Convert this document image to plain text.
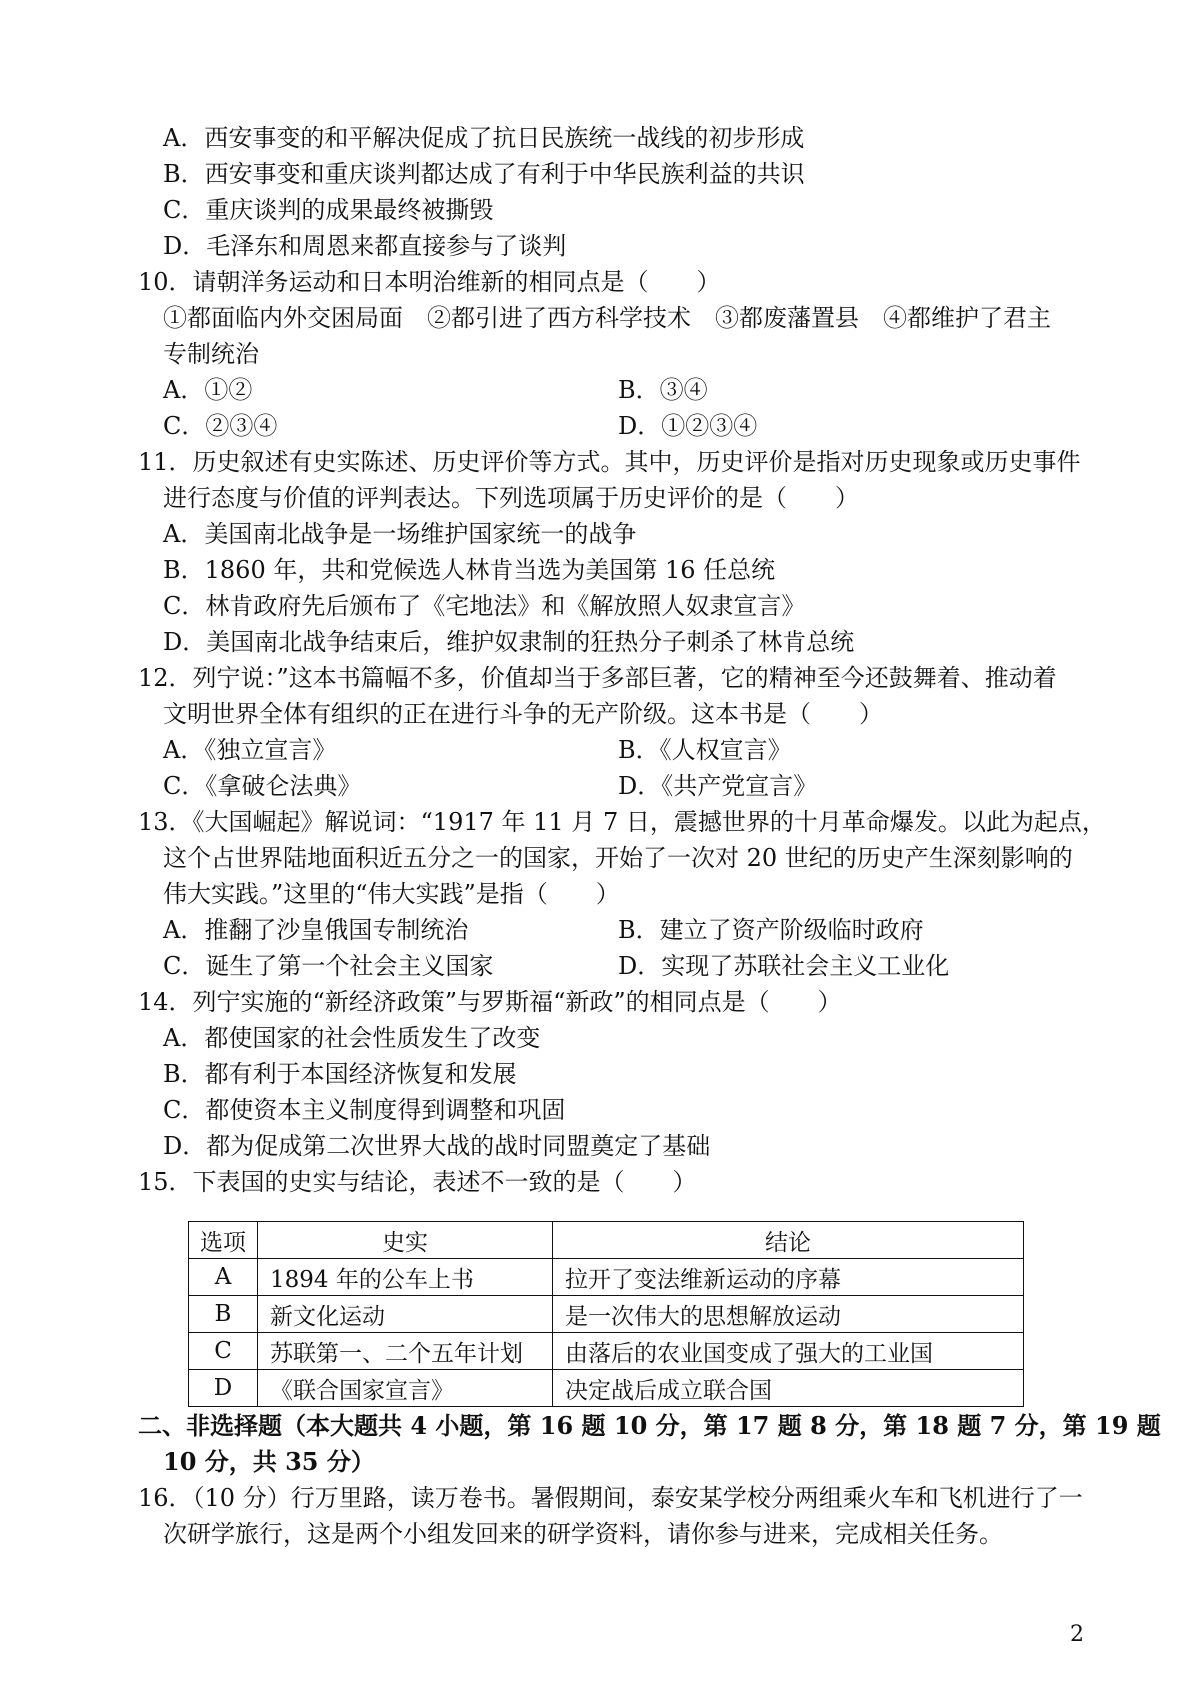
A．西安事变的和平解决促成了抗日民族统一战线的初步形成
B．西安事变和重庆谈判都达成了有利于中华民族利益的共识
C．重庆谈判的成果最终被撕毁
D．毛泽东和周恩来都直接参与了谈判
10．请朝洋务运动和日本明治维新的相同点是（　　）
①都面临内外交困局面　②都引进了西方科学技术　③都废藩置县　④都维护了君主
专制统治
A．①②	B．③④
C．②③④	D．①②③④
11．历史叙述有史实陈述、历史评价等方式。其中，历史评价是指对历史现象或历史事件
进行态度与价值的评判表达。下列选项属于历史评价的是（　　）
A．美国南北战争是一场维护国家统一的战争
B．1860 年，共和党候选人林肯当选为美国第 16 任总统
C．林肯政府先后颁布了《宅地法》和《解放照人奴隶宣言》
D．美国南北战争结束后，维护奴隶制的狂热分子刺杀了林肯总统
12．列宁说：”这本书篇幅不多，价值却当于多部巨著，它的精神至今还鼓舞着、推动着
文明世界全体有组织的正在进行斗争的无产阶级。这本书是（　　）
A．《独立宣言》	B．《人权宣言》
C．《拿破仑法典》	D．《共产党宣言》
13．《大国崛起》解说词：“1917 年 11 月 7 日，震撼世界的十月革命爆发。以此为起点，
这个占世界陆地面积近五分之一的国家，开始了一次对 20 世纪的历史产生深刻影响的
伟大实践。”这里的“伟大实践”是指（　　）
A．推翻了沙皇俄国专制统治	B．建立了资产阶级临时政府
C．诞生了第一个社会主义国家	D．实现了苏联社会主义工业化
14．列宁实施的“新经济政策”与罗斯福“新政”的相同点是（　　）
A．都使国家的社会性质发生了改变
B．都有利于本国经济恢复和发展
C．都使资本主义制度得到调整和巩固
D．都为促成第二次世界大战的战时同盟奠定了基础
15．下表国的史实与结论，表述不一致的是（　　）
选项	史实	结论
A	1894 年的公车上书	拉开了变法维新运动的序幕
B	新文化运动	是一次伟大的思想解放运动
C	苏联第一、二个五年计划	由落后的农业国变成了强大的工业国
D	《联合国家宣言》	决定战后成立联合国
二、非选择题（本大题共 4 小题，第 16 题 10 分，第 17 题 8 分，第 18 题 7 分，第 19 题
10 分，共 35 分）
16．（10 分）行万里路，读万卷书。暑假期间，泰安某学校分两组乘火车和飞机进行了一
次研学旅行，这是两个小组发回来的研学资料，请你参与进来，完成相关任务。
2
